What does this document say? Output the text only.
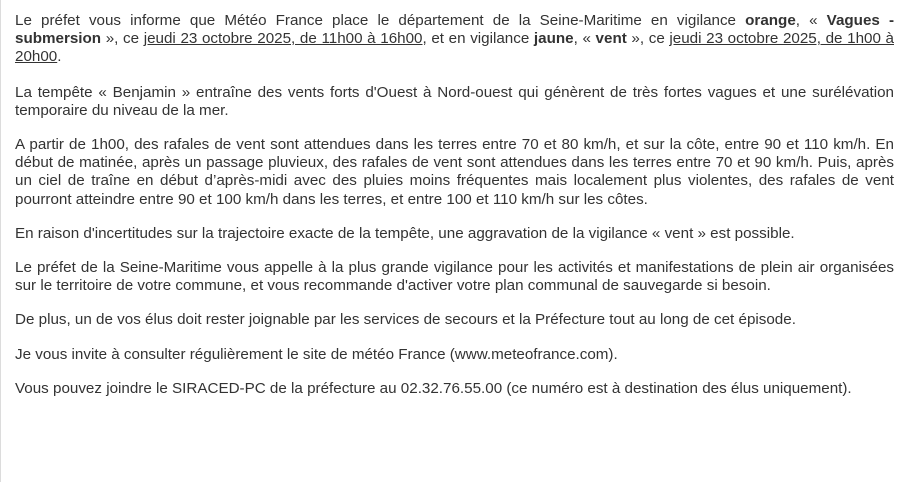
Le préfet vous informe que Météo France place le département de la Seine-Maritime en vigilance orange, « Vagues - submersion », ce jeudi 23 octobre 2025, de 11h00 à 16h00, et en vigilance jaune, « vent », ce jeudi 23 octobre 2025, de 1h00 à 20h00.

La tempête « Benjamin » entraîne des vents forts d'Ouest à Nord-ouest qui génèrent de très fortes vagues et une surélévation temporaire du niveau de la mer.

A partir de 1h00, des rafales de vent sont attendues dans les terres entre 70 et 80 km/h, et sur la côte, entre 90 et 110 km/h. En début de matinée, après un passage pluvieux, des rafales de vent sont attendues dans les terres entre 70 et 90 km/h. Puis, après un ciel de traîne en début d’après-midi avec des pluies moins fréquentes mais localement plus violentes, des rafales de vent pourront atteindre entre 90 et 100 km/h dans les terres, et entre 100 et 110 km/h sur les côtes.

En raison d'incertitudes sur la trajectoire exacte de la tempête, une aggravation de la vigilance « vent » est possible.

Le préfet de la Seine-Maritime vous appelle à la plus grande vigilance pour les activités et manifestations de plein air organisées sur le territoire de votre commune, et vous recommande d'activer votre plan communal de sauvegarde si besoin.

De plus, un de vos élus doit rester joignable par les services de secours et la Préfecture tout au long de cet épisode.

Je vous invite à consulter régulièrement le site de météo France (www.meteofrance.com).

Vous pouvez joindre le SIRACED-PC de la préfecture au 02.32.76.55.00 (ce numéro est à destination des élus uniquement).
